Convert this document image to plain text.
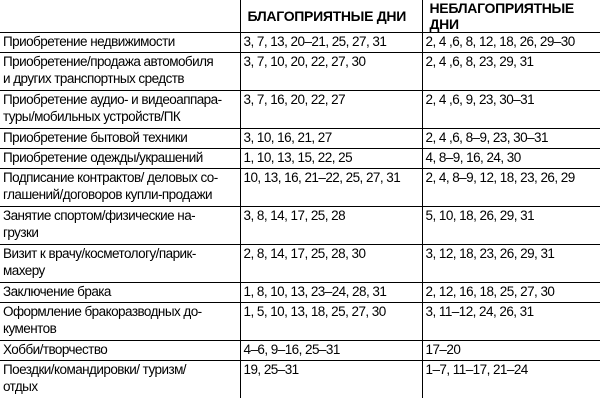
	БЛАГОПРИЯТНЫЕ ДНИ	НЕБЛАГОПРИЯТНЫЕ ДНИ

Приобретение недвижимости	3, 7, 13, 20–21, 25, 27, 31	2, 4 ,6, 8, 12, 18, 26, 29–30

Приобретение/продажа автомобиля
и других транспортных средств	3, 7, 10, 20, 22, 27, 30	2, 4 ,6, 8, 23, 29, 31

Приобретение аудио- и видеоаппара-
туры/мобильных устройств/ПК	3, 7, 16, 20, 22, 27	2, 4 ,6, 9, 23, 30–31

Приобретение бытовой техники	3, 10, 16, 21, 27	2, 4 ,6, 8–9, 23, 30–31

Приобретение одежды/украшений	1, 10, 13, 15, 22, 25	4, 8–9, 16, 24, 30

Подписание контрактов/ деловых со-
глашений/договоров купли-продажи	10, 13, 16, 21–22, 25, 27, 31	2, 4, 8–9, 12, 18, 23, 26, 29

Занятие спортом/физические на-
грузки	3, 8, 14, 17, 25, 28	5, 10, 18, 26, 29, 31

Визит к врачу/косметологу/парик-
махеру	2, 8, 14, 17, 25, 28, 30	3, 12, 18, 23, 26, 29, 31

Заключение брака	1, 8, 10, 13, 23–24, 28, 31	2, 12, 16, 18, 25, 27, 30

Оформление бракоразводных до-
кументов	1, 5, 10, 13, 18, 25, 27, 30	3, 11–12, 24, 26, 31

Хобби/творчество	4–6, 9–16, 25–31	17–20

Поездки/командировки/ туризм/
отдых	19, 25–31	1–7, 11–17, 21–24
